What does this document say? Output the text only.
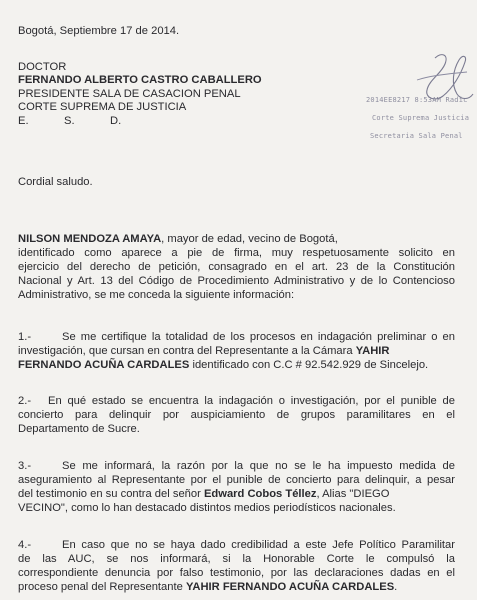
Bogotá, Septiembre 17 de 2014.
DOCTOR
FERNANDO ALBERTO CASTRO CABALLERO
PRESIDENTE SALA DE CASACION PENAL
CORTE SUPREMA DE JUSTICIA
E.	S.	D.
2014EE8217 8:53AM Radic
Corte Suprema Justicia
Secretaria Sala Penal
Cordial saludo.
NILSON MENDOZA AMAYA, mayor de edad, vecino de Bogotá,
identificado como aparece a pie de firma, muy respetuosamente solicito en
ejercicio del derecho de petición, consagrado en el art. 23 de la Constitución
Nacional y Art. 13 del Código de Procedimiento Administrativo y de lo Contencioso
Administrativo, se me conceda la siguiente información:
1.-	Se me certifique la totalidad de los procesos en indagación preliminar o en
investigación, que cursan en contra del Representante a la Cámara YAHIR
FERNANDO ACUÑA CARDALES identificado con C.C # 92.542.929 de Sincelejo.
2.- En qué estado se encuentra la indagación o investigación, por el punible de
concierto para delinquir por auspiciamiento de grupos paramilitares en el
Departamento de Sucre.
3.-	Se me informará, la razón por la que no se le ha impuesto medida de
aseguramiento al Representante por el punible de concierto para delinquir, a pesar
del testimonio en su contra del señor Edward Cobos Téllez, Alias "DIEGO
VECINO", como lo han destacado distintos medios periodísticos nacionales.
4.-	En caso que no se haya dado credibilidad a este Jefe Político Paramilitar
de las AUC, se nos informará, si la Honorable Corte le compulsó la
correspondiente denuncia por falso testimonio, por las declaraciones dadas en el
proceso penal del Representante YAHIR FERNANDO ACUÑA CARDALES.
